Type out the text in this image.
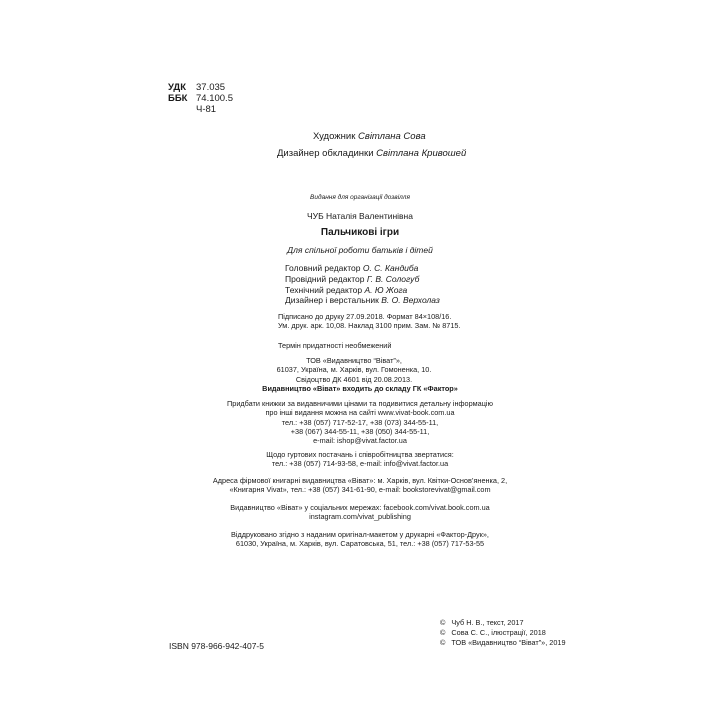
УДК	37.035
ББК 74.100.5
Ч-81
Художник Світлана Сова
Дизайнер обкладинки Світлана Кривошей
Видання для організації дозвілля
ЧУБ Наталія Валентинівна
Пальчикові ігри
Для спільної роботи батьків і дітей
Головний редактор О. С. Кандиба
Провідний редактор Г. В. Сологуб
Технічний редактор А. Ю Жога
Дизайнер і верстальник В. О. Верхолаз
Підписано до друку 27.09.2018. Формат 84×108/16.
Ум. друк. арк. 10,08. Наклад 3100 прим. Зам. № 8715.
Термін придатності необмежений
ТОВ «Видавництво “Віват”»,
61037, Україна, м. Харків, вул. Гомоненка, 10.
Свідоцтво ДК 4601 від 20.08.2013.
Видавництво «Віват» входить до складу ГК «Фактор»
Придбати книжки за видавничими цінами та подивитися детальну інформацію
про інші видання можна на сайті www.vivat-book.com.ua
тел.: +38 (057) 717-52-17, +38 (073) 344-55-11,
+38 (067) 344-55-11, +38 (050) 344-55-11,
e-mail: ishop@vivat.factor.ua
Щодо гуртових постачань і співробітництва звертатися:
тел.: +38 (057) 714-93-58, e-mail: info@vivat.factor.ua
Адреса фірмової книгарні видавництва «Віват»: м. Харків, вул. Квітки-Основ’яненка, 2,
«Книгарня Vivat», тел.: +38 (057) 341-61-90, e-mail: bookstorevivat@gmail.com
Видавництво «Віват» у соціальних мережах: facebook.com/vivat.book.com.ua
instagram.com/vivat_publishing
Віддруковано згідно з наданим оригінал-макетом у друкарні «Фактор-Друк»,
61030, Україна, м. Харків, вул. Саратовська, 51, тел.: +38 (057) 717-53-55
ISBN 978-966-942-407-5
© Чуб Н. В., текст, 2017
© Сова С. С., ілюстрації, 2018
© ТОВ «Видавництво “Віват”», 2019
